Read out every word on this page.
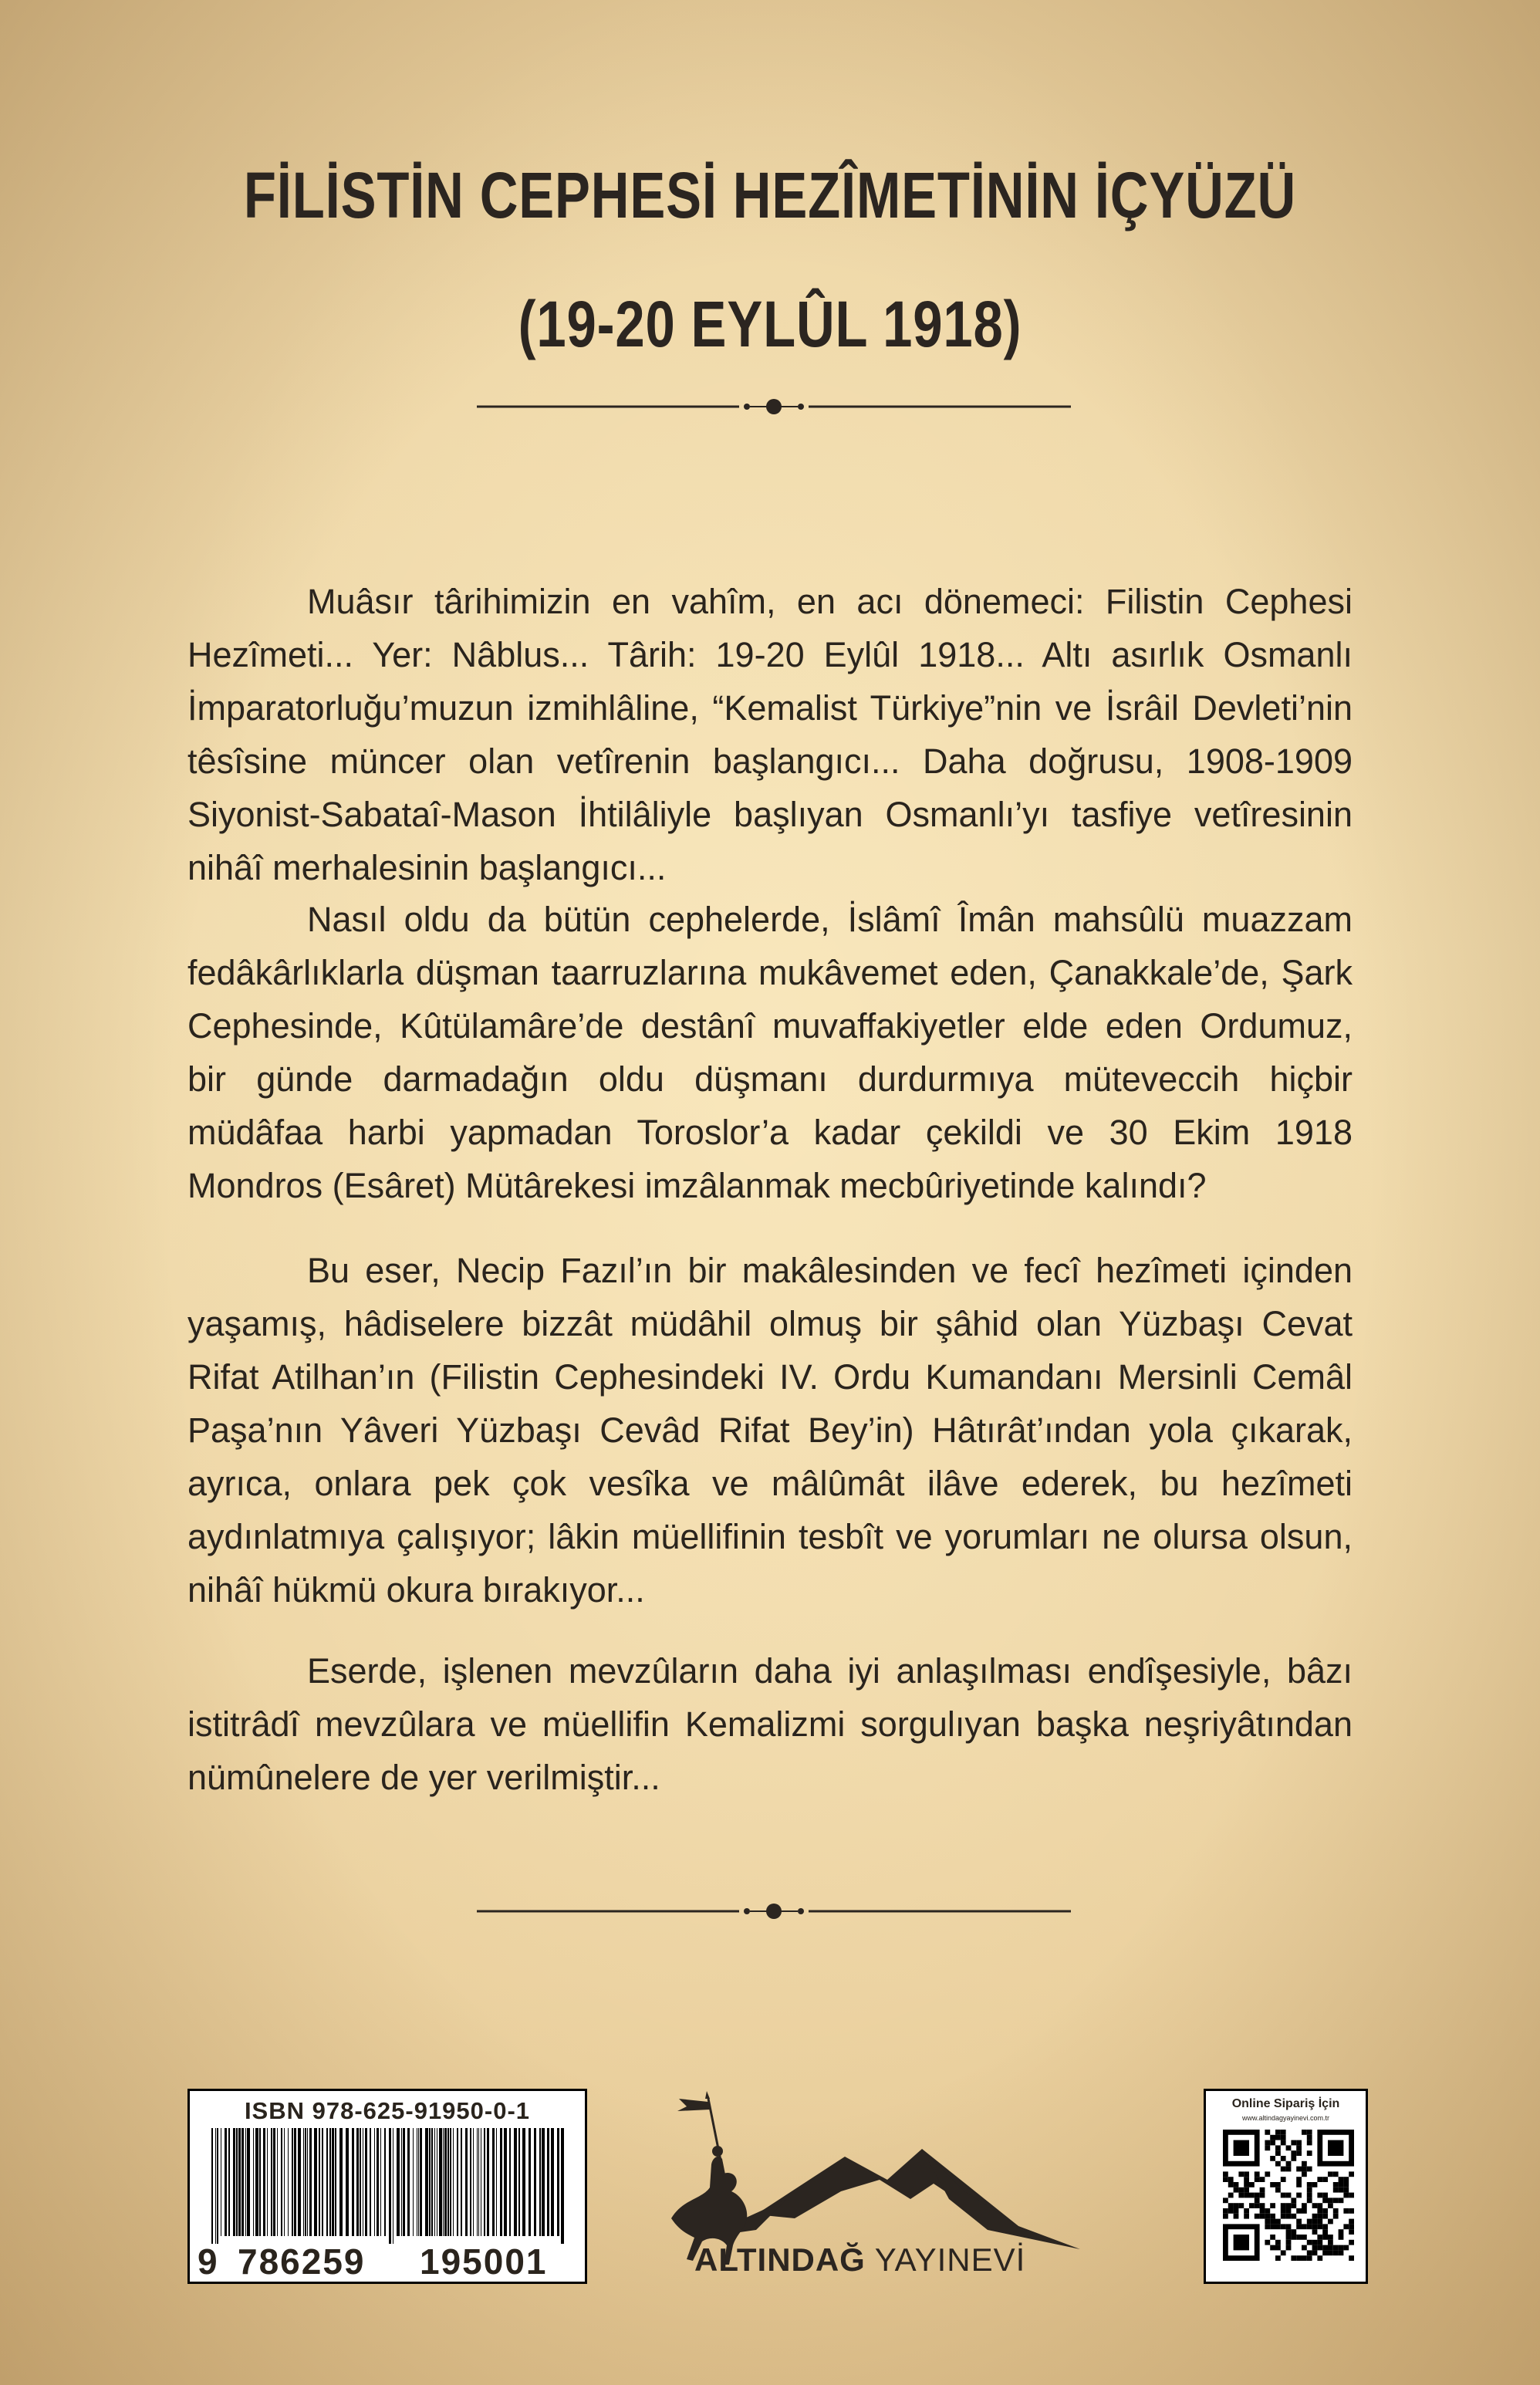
FİLİSTİN CEPHESİ HEZÎMETİNİN İÇYÜZÜ
(19-20 EYLÛL 1918)

Muâsır târihimizin en vahîm, en acı dönemeci: Filistin Cephesi Hezîmeti... Yer: Nâblus... Târih: 19-20 Eylûl 1918... Altı asırlık Osmanlı İmparatorluğu’muzun izmihlâline, “Kemalist Türkiye”nin ve İsrâil Devleti’nin têsîsine müncer olan vetîrenin başlangıcı... Daha doğrusu, 1908-1909 Siyonist-Sabataî-Mason İhtilâliyle başlıyan Osmanlı’yı tasfiye vetîresinin nihâî merhalesinin başlangıcı...

Nasıl oldu da bütün cephelerde, İslâmî Îmân mahsûlü muazzam fedâkârlıklarla düşman taarruzlarına mukâvemet eden, Çanakkale’de, Şark Cephesinde, Kûtülamâre’de destânî muvaffakiyetler elde eden Ordumuz, bir günde darmadağın oldu düşmanı durdurmıya müteveccih hiçbir müdâfaa harbi yapmadan Toroslor’a kadar çekildi ve 30 Ekim 1918 Mondros (Esâret) Mütârekesi imzâlanmak mecbûriyetinde kalındı?

Bu eser, Necip Fazıl’ın bir makâlesinden ve fecî hezîmeti içinden yaşamış, hâdiselere bizzât müdâhil olmuş bir şâhid olan Yüzbaşı Cevat Rifat Atilhan’ın (Filistin Cephesindeki IV. Ordu Kumandanı Mersinli Cemâl Paşa’nın Yâveri Yüzbaşı Cevâd Rifat Bey’in) Hâtırât’ından yola çıkarak, ayrıca, onlara pek çok vesîka ve mâlûmât ilâve ederek, bu hezîmeti aydınlatmıya çalışıyor; lâkin müellifinin tesbît ve yorumları ne olursa olsun, nihâî hükmü okura bırakıyor...

Eserde, işlenen mevzûların daha iyi anlaşılması endîşesiyle, bâzı istitrâdî mevzûlara ve müellifin Kemalizmi sorgulıyan başka neşriyâtından nümûnelere de yer verilmiştir...

ISBN 978-625-91950-0-1
9 786259 195001	ALTINDAĞ YAYINEVİ
Online Sipariş İçin
www.altindagyayinevi.com.tr
